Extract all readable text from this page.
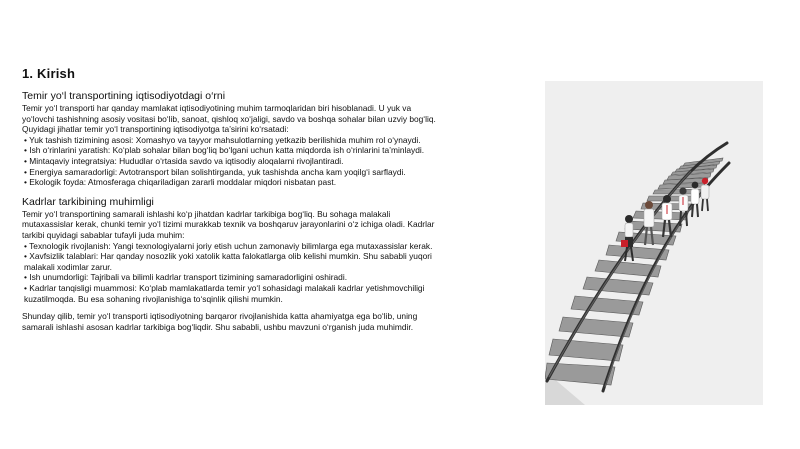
1. Kirish
Temir yo‘l transportining iqtisodiyotdagi o‘rni

Temir yo‘l transporti har qanday mamlakat iqtisodiyotining muhim tarmoqlaridan biri hisoblanadi. U yuk va yo‘lovchi tashishning asosiy vositasi bo‘lib, sanoat, qishloq xo‘jaligi, savdo va boshqa sohalar bilan uzviy bog‘liq. Quyidagi jihatlar temir yo‘l transportining iqtisodiyotga ta’sirini ko‘rsatadi:

• Yuk tashish tizimining asosi: Xomashyo va tayyor mahsulotlarning yetkazib berilishida muhim rol o‘ynaydi.
• Ish o‘rinlarini yaratish: Ko‘plab sohalar bilan bog‘liq bo‘lgani uchun katta miqdorda ish o‘rinlarini ta’minlaydi.
• Mintaqaviy integratsiya: Hududlar o‘rtasida savdo va iqtisodiy aloqalarni rivojlantiradi.
• Energiya samaradorligi: Avtotransport bilan solishtirganda, yuk tashishda ancha kam yoqilg‘i sarflaydi.
• Ekologik foyda: Atmosferaga chiqariladigan zararli moddalar miqdori nisbatan past.
Kadrlar tarkibining muhimligi

Temir yo‘l transportining samarali ishlashi ko‘p jihatdan kadrlar tarkibiga bog‘liq. Bu sohaga malakali mutaxassislar kerak, chunki temir yo‘l tizimi murakkab texnik va boshqaruv jarayonlarini o‘z ichiga oladi. Kadrlar tarkibi quyidagi sabablar tufayli juda muhim:

• Texnologik rivojlanish: Yangi texnologiyalarni joriy etish uchun zamonaviy bilimlarga ega mutaxassislar kerak.
• Xavfsizlik talablari: Har qanday nosozlik yoki xatolik katta falokatlarga olib kelishi mumkin. Shu sababli yuqori malakali xodimlar zarur.
• Ish unumdorligi: Tajribali va bilimli kadrlar transport tizimining samaradorligini oshiradi.
• Kadrlar tanqisligi muammosi: Ko‘plab mamlakatlarda temir yo‘l sohasidagi malakali kadrlar yetishmovchiligi kuzatilmoqda. Bu esa sohaning rivojlanishiga to‘sqinlik qilishi mumkin.

Shunday qilib, temir yo‘l transporti iqtisodiyotning barqaror rivojlanishida katta ahamiyatga ega bo‘lib, uning samarali ishlashi asosan kadrlar tarkibiga bog‘liqdir. Shu sababli, ushbu mavzuni o‘rganish juda muhimdir.
